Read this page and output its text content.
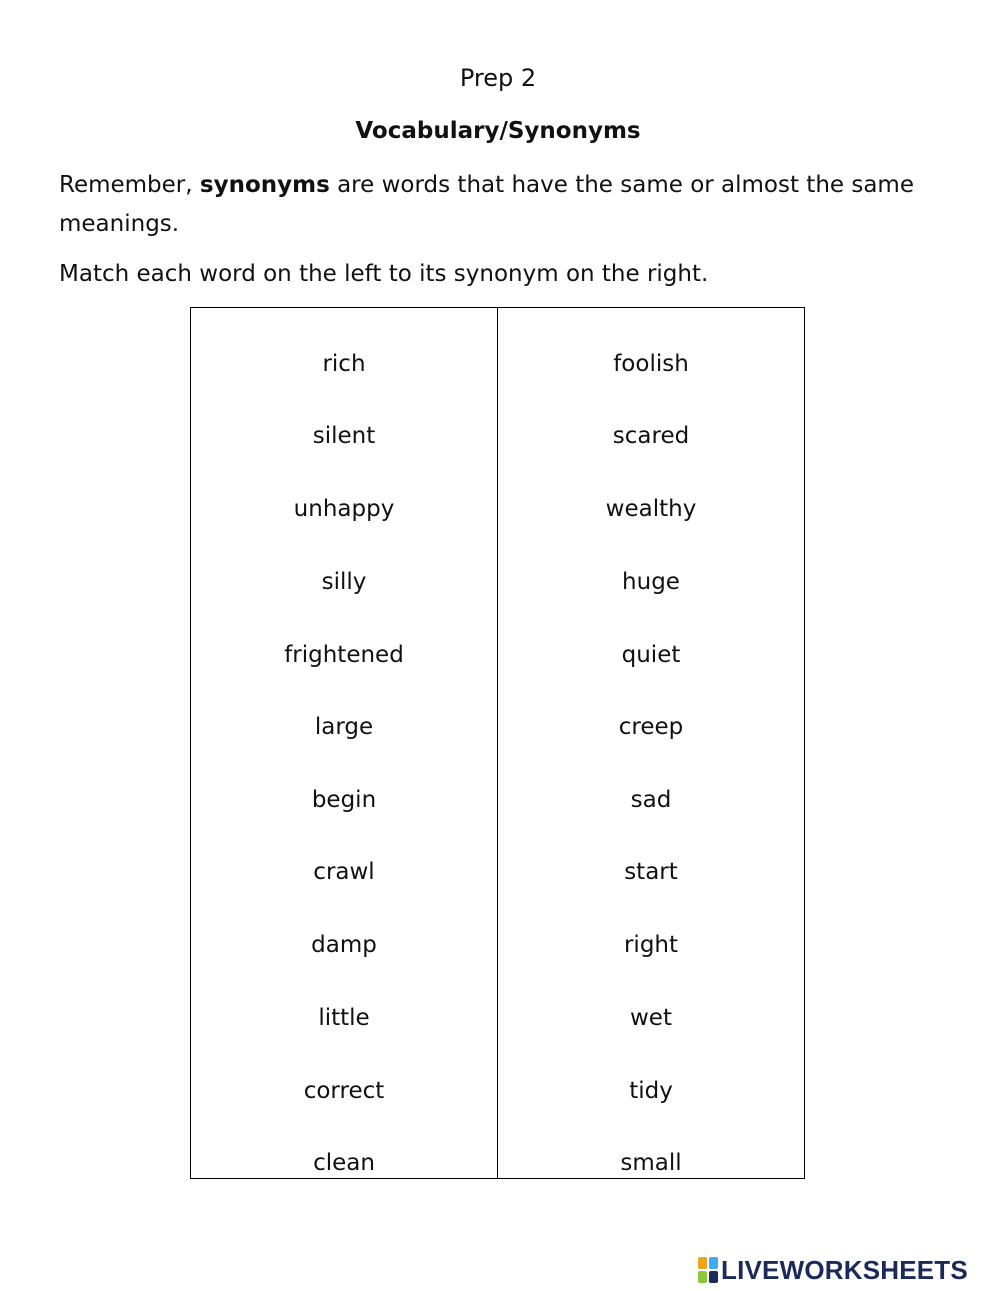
Prep 2
Vocabulary/Synonyms
Remember, synonyms are words that have the same or almost the same meanings.
Match each word on the left to its synonym on the right.
rich
silent
unhappy
silly
frightened
large
begin
crawl
damp
little
correct
clean
foolish
scared
wealthy
huge
quiet
creep
sad
start
right
wet
tidy
small
LIVEWORKSHEETS
